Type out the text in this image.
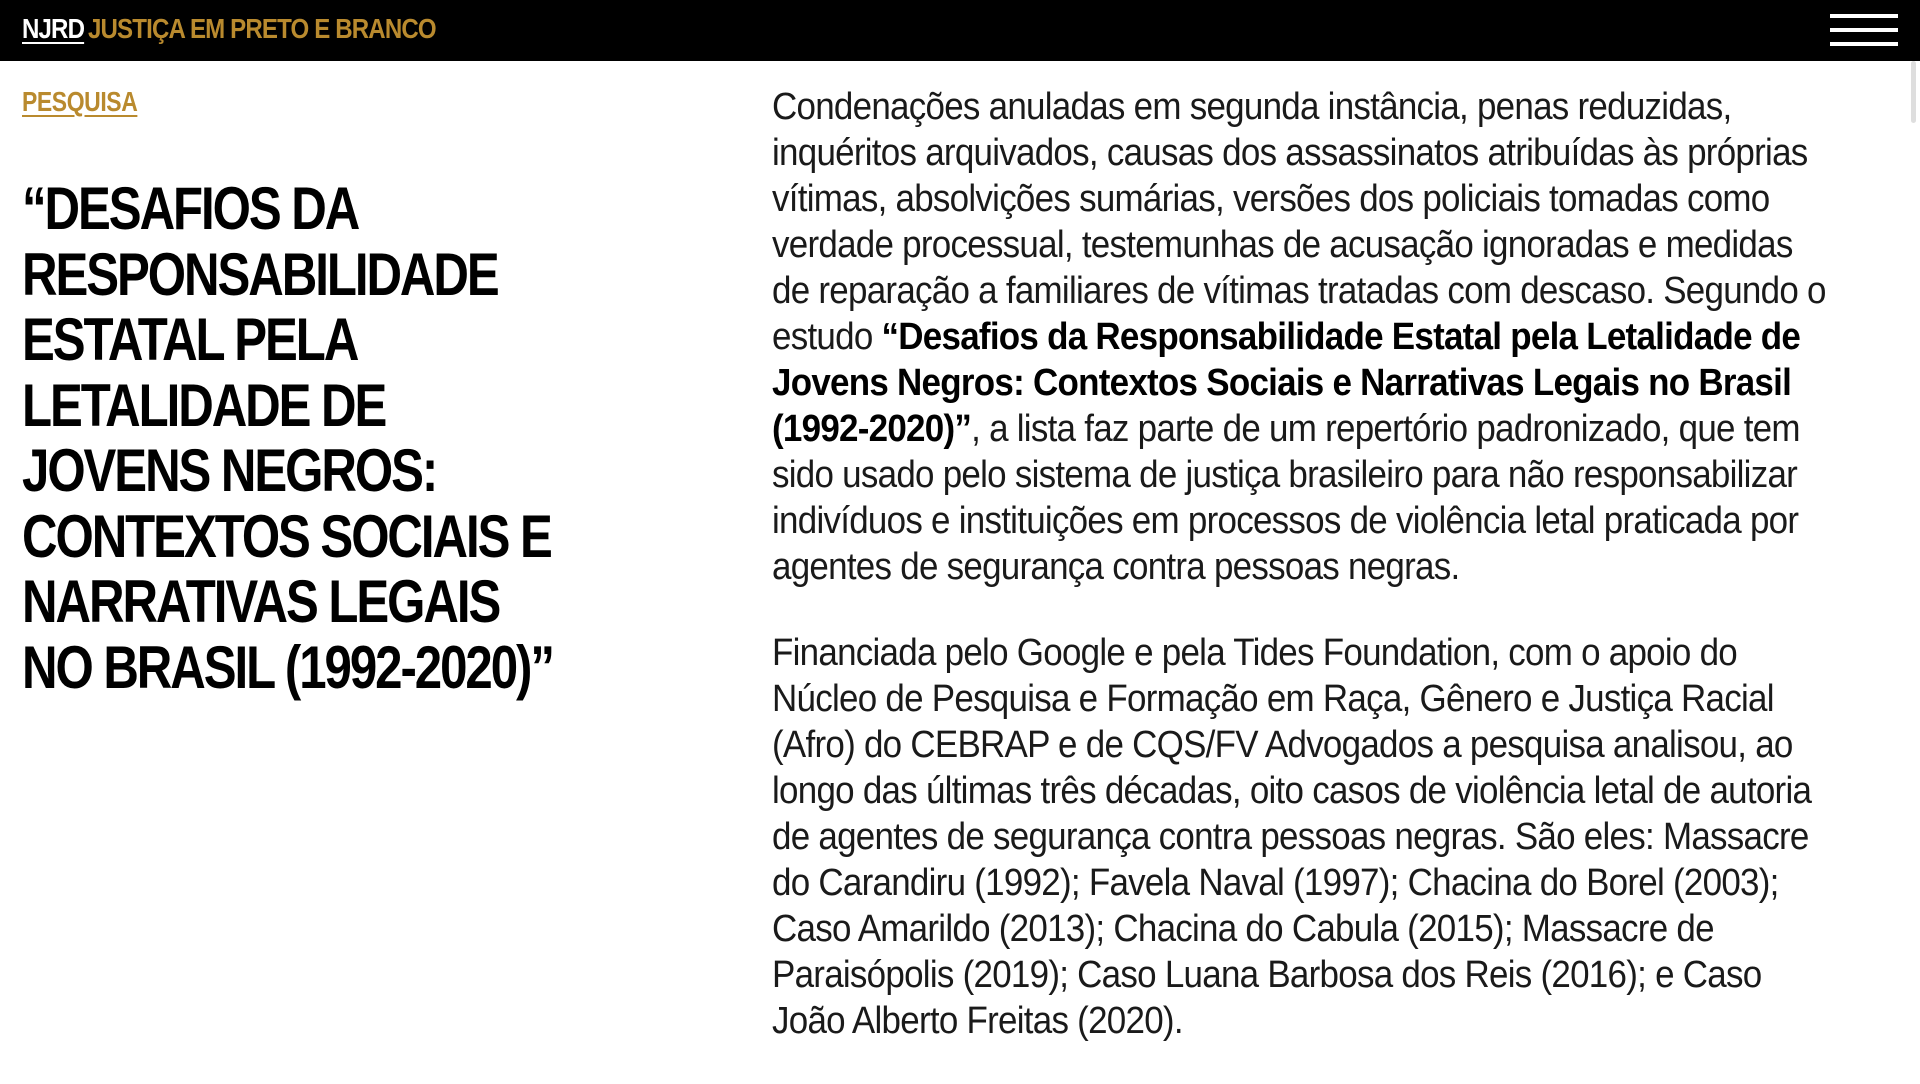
NJRD JUSTIÇA EM PRETO E BRANCO
PESQUISA
“DESAFIOS DA RESPONSABILIDADE ESTATAL PELA LETALIDADE DE JOVENS NEGROS: CONTEXTOS SOCIAIS E NARRATIVAS LEGAIS NO BRASIL (1992-2020)”

Condenações anuladas em segunda instância, penas reduzidas, inquéritos arquivados, causas dos assassinatos atribuídas às próprias vítimas, absolvições sumárias, versões dos policiais tomadas como verdade processual, testemunhas de acusação ignoradas e medidas de reparação a familiares de vítimas tratadas com descaso. Segundo o estudo “Desafios da Responsabilidade Estatal pela Letalidade de Jovens Negros: Contextos Sociais e Narrativas Legais no Brasil (1992-2020)”, a lista faz parte de um repertório padronizado, que tem sido usado pelo sistema de justiça brasileiro para não responsabilizar indivíduos e instituições em processos de violência letal praticada por agentes de segurança contra pessoas negras.

Financiada pelo Google e pela Tides Foundation, com o apoio do Núcleo de Pesquisa e Formação em Raça, Gênero e Justiça Racial (Afro) do CEBRAP e de CQS/FV Advogados a pesquisa analisou, ao longo das últimas três décadas, oito casos de violência letal de autoria de agentes de segurança contra pessoas negras. São eles: Massacre do Carandiru (1992); Favela Naval (1997); Chacina do Borel (2003); Caso Amarildo (2013); Chacina do Cabula (2015); Massacre de Paraisópolis (2019); Caso Luana Barbosa dos Reis (2016); e Caso João Alberto Freitas (2020).
